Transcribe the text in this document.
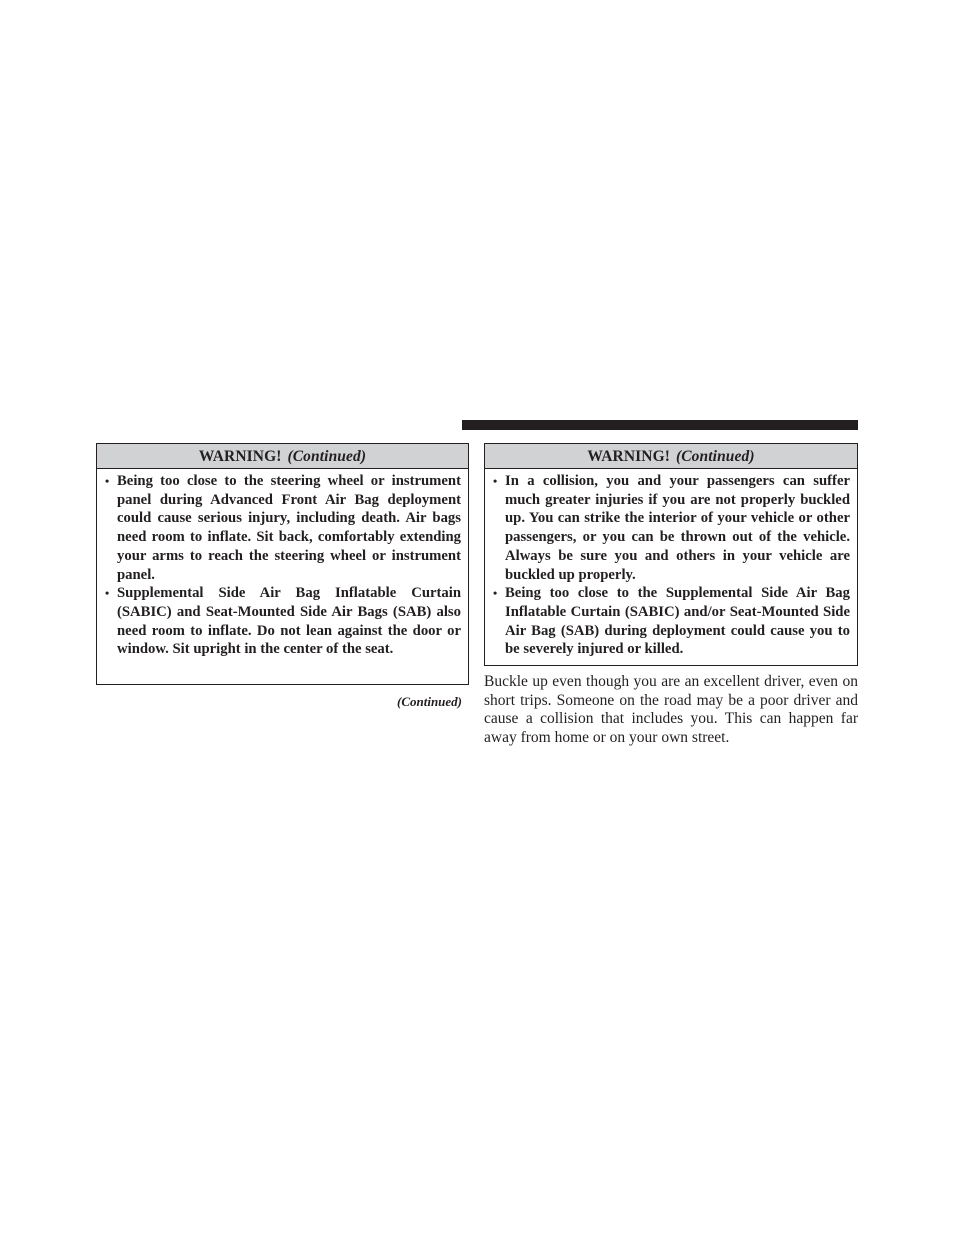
WARNING! (Continued)
• Being too close to the steering wheel or instrument panel during Advanced Front Air Bag deployment could cause serious injury, including death. Air bags need room to inflate. Sit back, comfortably extending your arms to reach the steering wheel or instrument panel.
• Supplemental Side Air Bag Inflatable Curtain (SABIC) and Seat-Mounted Side Air Bags (SAB) also need room to inflate. Do not lean against the door or window. Sit upright in the center of the seat.
(Continued)
WARNING! (Continued)
• In a collision, you and your passengers can suffer much greater injuries if you are not properly buckled up. You can strike the interior of your vehicle or other passengers, or you can be thrown out of the vehicle. Always be sure you and others in your vehicle are buckled up properly.
• Being too close to the Supplemental Side Air Bag Inflatable Curtain (SABIC) and/or Seat-Mounted Side Air Bag (SAB) during deployment could cause you to be severely injured or killed.

Buckle up even though you are an excellent driver, even on short trips. Someone on the road may be a poor driver and cause a collision that includes you. This can happen far away from home or on your own street.
